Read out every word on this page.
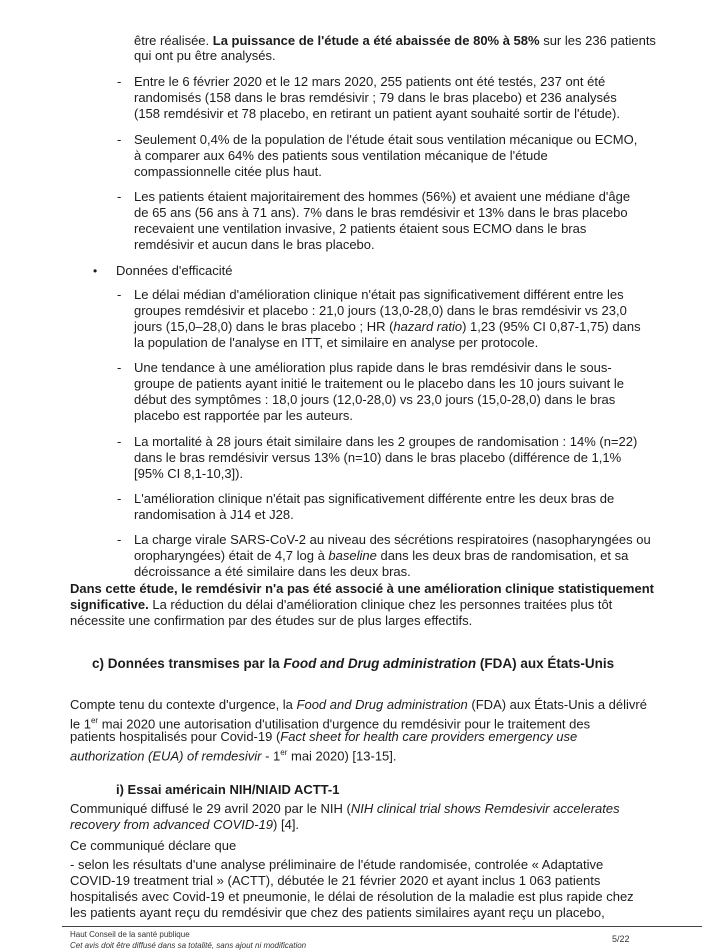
être réalisée. La puissance de l'étude a été abaissée de 80% à 58% sur les 236 patients
qui ont pu être analysés.
- Entre le 6 février 2020 et le 12 mars 2020, 255 patients ont été testés, 237 ont été
randomisés (158 dans le bras remdésivir ; 79 dans le bras placebo) et 236 analysés
(158 remdésivir et 78 placebo, en retirant un patient ayant souhaité sortir de l'étude).
- Seulement 0,4% de la population de l'étude était sous ventilation mécanique ou ECMO,
à comparer aux 64% des patients sous ventilation mécanique de l'étude
compassionnelle citée plus haut.
- Les patients étaient majoritairement des hommes (56%) et avaient une médiane d'âge
de 65 ans (56 ans à 71 ans). 7% dans le bras remdésivir et 13% dans le bras placebo
recevaient une ventilation invasive, 2 patients étaient sous ECMO dans le bras
remdésivir et aucun dans le bras placebo.
• Données d'efficacité
- Le délai médian d'amélioration clinique n'était pas significativement différent entre les
groupes remdésivir et placebo : 21,0 jours (13,0-28,0) dans le bras remdésivir vs 23,0
jours (15,0–28,0) dans le bras placebo ; HR (hazard ratio) 1,23 (95% CI 0,87-1,75) dans
la population de l'analyse en ITT, et similaire en analyse per protocole.
- Une tendance à une amélioration plus rapide dans le bras remdésivir dans le sous-
groupe de patients ayant initié le traitement ou le placebo dans les 10 jours suivant le
début des symptômes : 18,0 jours (12,0-28,0) vs 23,0 jours (15,0-28,0) dans le bras
placebo est rapportée par les auteurs.
- La mortalité à 28 jours était similaire dans les 2 groupes de randomisation : 14% (n=22)
dans le bras remdésivir versus 13% (n=10) dans le bras placebo (différence de 1,1%
[95% CI 8,1-10,3]).
- L'amélioration clinique n'était pas significativement différente entre les deux bras de
randomisation à J14 et J28.
- La charge virale SARS-CoV-2 au niveau des sécrétions respiratoires (nasopharyngées ou
oropharyngées) était de 4,7 log à baseline dans les deux bras de randomisation, et sa
décroissance a été similaire dans les deux bras.
Dans cette étude, le remdésivir n'a pas été associé à une amélioration clinique statistiquement
significative. La réduction du délai d'amélioration clinique chez les personnes traitées plus tôt
nécessite une confirmation par des études sur de plus larges effectifs.
c) Données transmises par la Food and Drug administration (FDA) aux États-Unis
Compte tenu du contexte d'urgence, la Food and Drug administration (FDA) aux États-Unis a délivré
le 1er mai 2020 une autorisation d'utilisation d'urgence du remdésivir pour le traitement des
patients hospitalisés pour Covid-19 (Fact sheet for health care providers emergency use
authorization (EUA) of remdesivir - 1er mai 2020) [13-15].
i) Essai américain NIH/NIAID ACTT-1
Communiqué diffusé le 29 avril 2020 par le NIH (NIH clinical trial shows Remdesivir accelerates
recovery from advanced COVID-19) [4].
Ce communiqué déclare que
- selon les résultats d'une analyse préliminaire de l'étude randomisée, controlée « Adaptative
COVID-19 treatment trial » (ACTT), débutée le 21 février 2020 et ayant inclus 1 063 patients
hospitalisés avec Covid-19 et pneumonie, le délai de résolution de la maladie est plus rapide chez
les patients ayant reçu du remdésivir que chez des patients similaires ayant reçu un placebo,
Haut Conseil de la santé publique
Cet avis doit être diffusé dans sa totalité, sans ajout ni modification
5/22
